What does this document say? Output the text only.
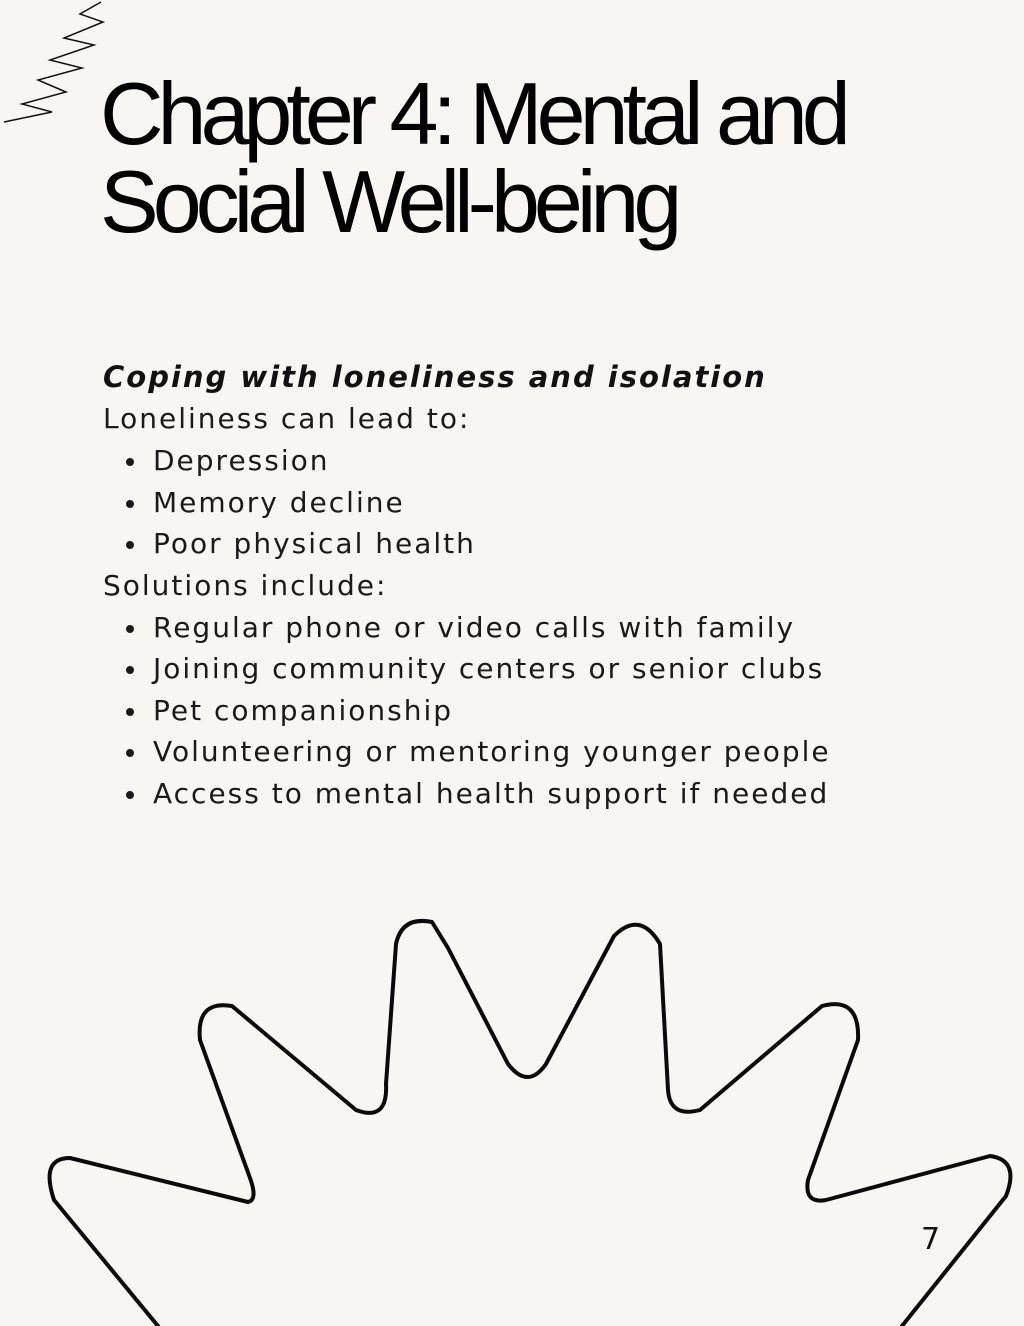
Chapter 4: Mental and Social Well-being

Coping with loneliness and isolation

Loneliness can lead to:

Depression
Memory decline
Poor physical health

Solutions include:

Regular phone or video calls with family
Joining community centers or senior clubs
Pet companionship
Volunteering or mentoring younger people
Access to mental health support if needed
7
